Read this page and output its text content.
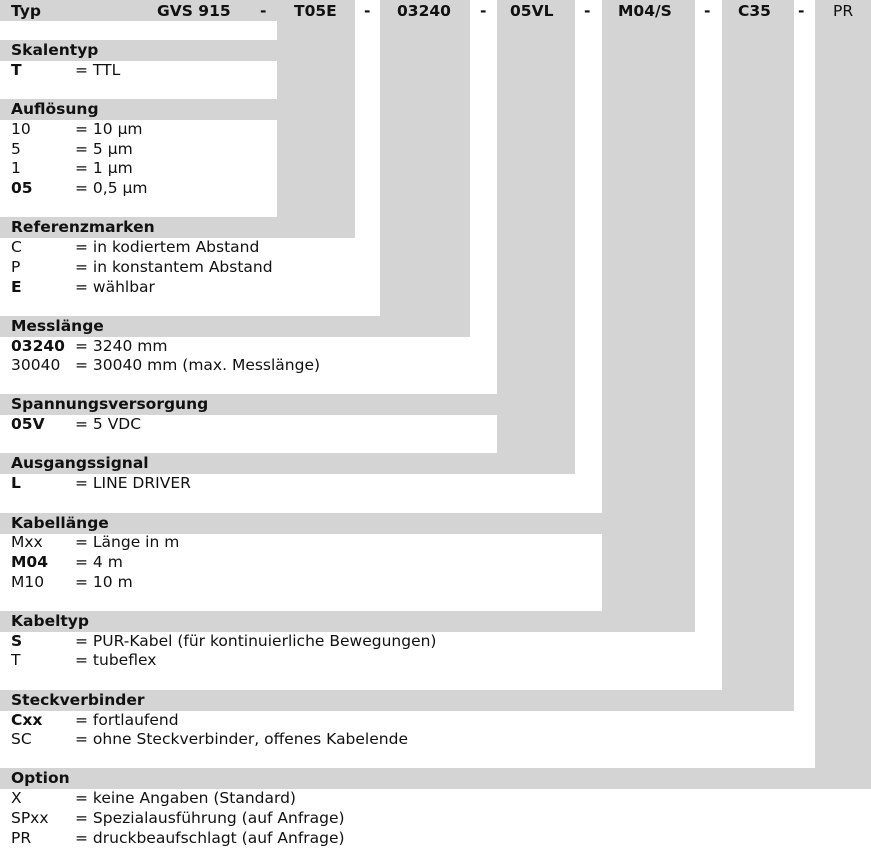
Typ	GVS 915 - T05E - 03240 - 05VL - M04/S - C35 - PR
Skalentyp
T	= TTL
Auflösung
10	= 10 µm
5	= 5 µm
1	= 1 µm
05	= 0,5 µm
Referenzmarken
C	= in kodiertem Abstand
P	= in konstantem Abstand
E	= wählbar
Messlänge
03240 = 3240 mm
30040 = 30040 mm (max. Messlänge)
Spannungsversorgung
05V = 5 VDC
Ausgangssignal
L	= LINE DRIVER
Kabellänge
Mxx = Länge in m
M04 = 4 m
M10 = 10 m
Kabeltyp
S	= PUR-Kabel (für kontinuierliche Bewegungen)
T	= tubeflex
Steckverbinder
Cxx = fortlaufend
SC	= ohne Steckverbinder, offenes Kabelende
Option
X	= keine Angaben (Standard)
SPxx = Spezialausführung (auf Anfrage)
PR	= druckbeaufschlagt (auf Anfrage)
